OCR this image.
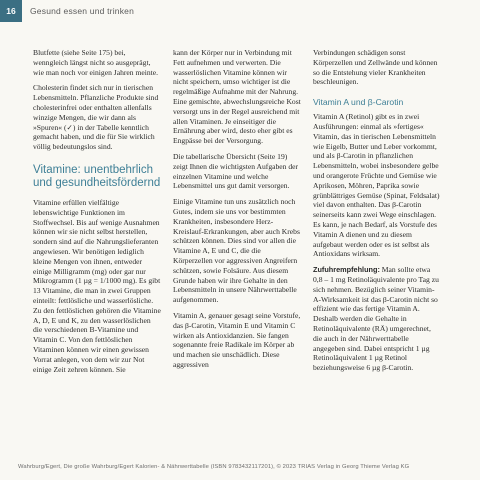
16	Gesund essen und trinken

Blutfette (siehe Seite 175) bei, wenngleich längst nicht so ausgeprägt, wie man noch vor einigen Jahren meinte.

Cholesterin findet sich nur in tierischen Lebensmitteln. Pflanzliche Produkte sind cholesterinfrei oder enthalten allenfalls winzige Mengen, die wir dann als »Spuren« (✓) in der Tabelle kenntlich gemacht haben, und die für Sie wirklich völlig bedeutungslos sind.

Vitamine: unentbehrlich und gesundheitsfördernd

Vitamine erfüllen vielfältige lebenswichtige Funktionen im Stoffwechsel. Bis auf wenige Ausnahmen können wir sie nicht selbst herstellen, sondern sind auf die Nahrungslieferanten angewiesen. Wir benötigen lediglich kleine Mengen von ihnen, entweder einige Milligramm (mg) oder gar nur Mikrogramm (1 µg = 1/1000 mg). Es gibt 13 Vitamine, die man in zwei Gruppen einteilt: fettlösliche und wasserlösliche. Zu den fettlöslichen gehören die Vitamine A, D, E und K, zu den wasserlöslichen die verschiedenen B-Vitamine und Vitamin C. Von den fettlöslichen Vitaminen können wir einen gewissen Vorrat anlegen, von dem wir zur Not einige Zeit zehren können. Sie

kann der Körper nur in Verbindung mit Fett aufnehmen und verwerten. Die wasserlöslichen Vitamine können wir nicht speichern, umso wichtiger ist die regelmäßige Aufnahme mit der Nahrung. Eine gemischte, abwechslungsreiche Kost versorgt uns in der Regel ausreichend mit allen Vitaminen. Je einseitiger die Ernährung aber wird, desto eher gibt es Engpässe bei der Versorgung.

Die tabellarische Übersicht (Seite 19) zeigt Ihnen die wichtigsten Aufgaben der einzelnen Vitamine und welche Lebensmittel uns gut damit versorgen.

Einige Vitamine tun uns zusätzlich noch Gutes, indem sie uns vor bestimmten Krankheiten, insbesondere Herz-Kreislauf-Erkrankungen, aber auch Krebs schützen können. Dies sind vor allen die Vitamine A, E und C, die die Körperzellen vor aggressiven Angreifern schützen, sowie Folsäure. Aus diesem Grunde haben wir ihre Gehalte in den Lebensmitteln in unsere Nährwerttabelle aufgenommen.

Vitamin A, genauer gesagt seine Vorstufe, das β-Carotin, Vitamin E und Vitamin C wirken als Antioxidanzien. Sie fangen sogenannte freie Radikale im Körper ab und machen sie unschädlich. Diese aggressiven

Verbindungen schädigen sonst Körperzellen und Zellwände und können so die Entstehung vieler Krankheiten beschleunigen.

Vitamin A und β-Carotin

Vitamin A (Retinol) gibt es in zwei Ausführungen: einmal als »fertiges« Vitamin, das in tierischen Lebensmitteln wie Eigelb, Butter und Leber vorkommt, und als β-Carotin in pflanzlichen Lebensmitteln, wobei insbesondere gelbe und orangerote Früchte und Gemüse wie Aprikosen, Möhren, Paprika sowie grünblättriges Gemüse (Spinat, Feldsalat) viel davon enthalten. Das β-Carotin seinerseits kann zwei Wege einschlagen. Es kann, je nach Bedarf, als Vorstufe des Vitamin A dienen und zu diesem aufgebaut werden oder es ist selbst als Antioxidans wirksam.

Zufuhrempfehlung: Man sollte etwa 0,8 – 1 mg Retinoläquivalente pro Tag zu sich nehmen. Bezüglich seiner Vitamin-A-Wirksamkeit ist das β-Carotin nicht so effizient wie das fertige Vitamin A. Deshalb werden die Gehalte in Retinoläquivalente (RÄ) umgerechnet, die auch in der Nährwerttabelle angegeben sind. Dabei entspricht 1 µg Retinoläquivalent 1 µg Retinol beziehungsweise 6 µg β-Carotin.

Wahrburg/Egert, Die große Wahrburg/Egert Kalorien- & Nährwerttabelle (ISBN 9783432117201), © 2023 TRIAS Verlag in Georg Thieme Verlag KG
